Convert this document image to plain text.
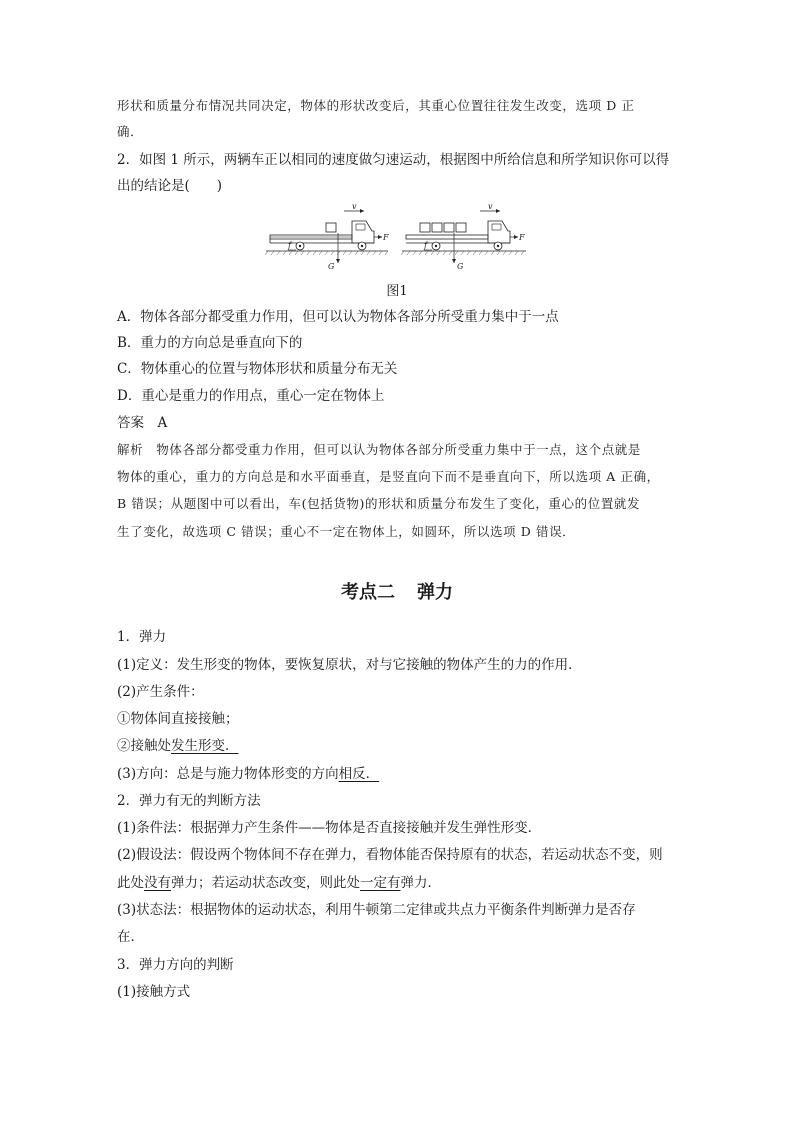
形状和质量分布情况共同决定，物体的形状改变后，其重心位置往往发生改变，选项 D 正
确．
2．如图 1 所示，两辆车正以相同的速度做匀速运动，根据图中所给信息和所学知识你可以得
出的结论是(　　)
v
F
G
f
v
F
G
f
图1
A．物体各部分都受重力作用，但可以认为物体各部分所受重力集中于一点
B．重力的方向总是垂直向下的
C．物体重心的位置与物体形状和质量分布无关
D．重心是重力的作用点，重心一定在物体上
答案　A
解析　物体各部分都受重力作用，但可以认为物体各部分所受重力集中于一点，这个点就是
物体的重心，重力的方向总是和水平面垂直，是竖直向下而不是垂直向下，所以选项 A 正确，
B 错误；从题图中可以看出，车(包括货物)的形状和质量分布发生了变化，重心的位置就发
生了变化，故选项 C 错误；重心不一定在物体上，如圆环，所以选项 D 错误．
考点二 弹力
1．弹力
(1)定义：发生形变的物体，要恢复原状，对与它接触的物体产生的力的作用．
(2)产生条件：
①物体间直接接触；
②接触处发生形变．
(3)方向：总是与施力物体形变的方向相反．
2．弹力有无的判断方法
(1)条件法：根据弹力产生条件——物体是否直接接触并发生弹性形变．
(2)假设法：假设两个物体间不存在弹力，看物体能否保持原有的状态，若运动状态不变，则
此处没有弹力；若运动状态改变，则此处一定有弹力．
(3)状态法：根据物体的运动状态，利用牛顿第二定律或共点力平衡条件判断弹力是否存
在．
3．弹力方向的判断
(1)接触方式
